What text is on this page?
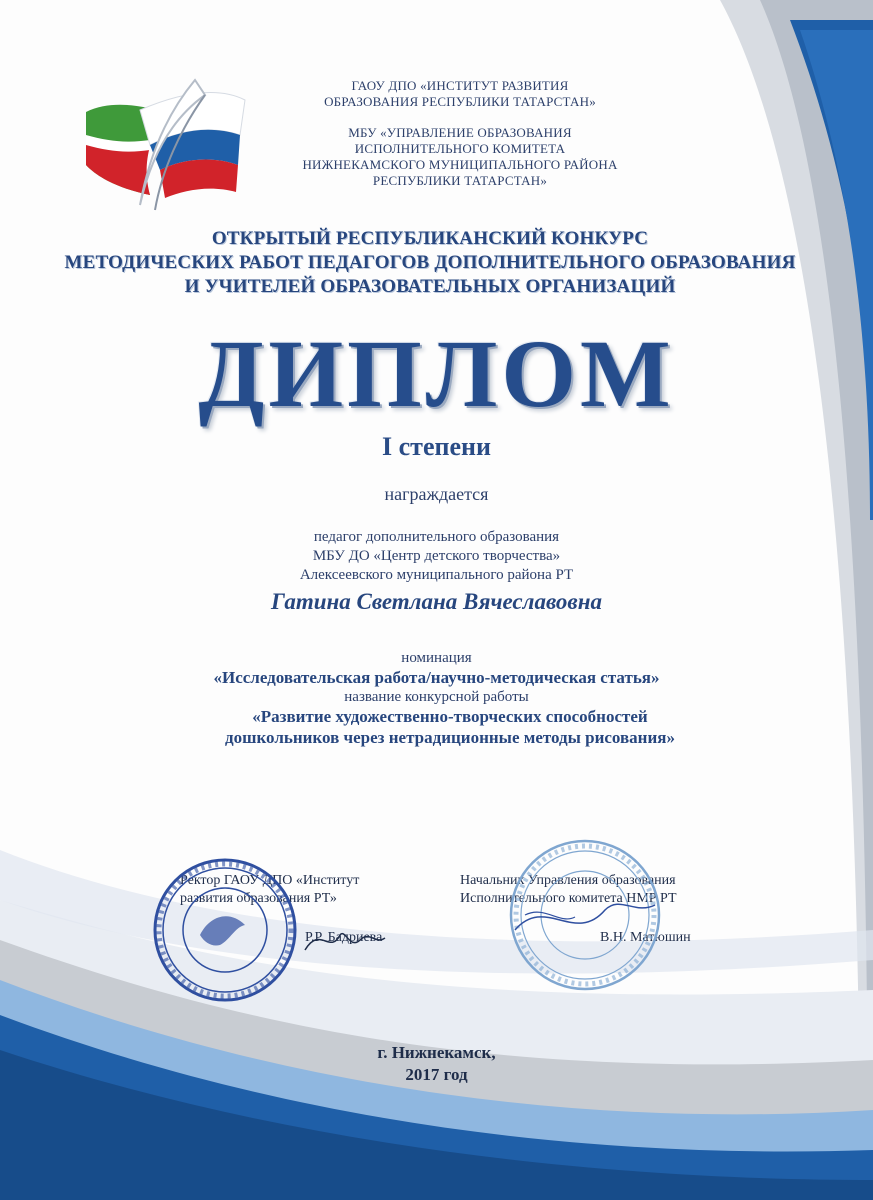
ГАОУ ДПО «ИНСТИТУТ РАЗВИТИЯ
ОБРАЗОВАНИЯ РЕСПУБЛИКИ ТАТАРСТАН»
МБУ «УПРАВЛЕНИЕ ОБРАЗОВАНИЯ
ИСПОЛНИТЕЛЬНОГО КОМИТЕТА
НИЖНЕКАМСКОГО МУНИЦИПАЛЬНОГО РАЙОНА
РЕСПУБЛИКИ ТАТАРСТАН»
ОТКРЫТЫЙ РЕСПУБЛИКАНСКИЙ КОНКУРС
МЕТОДИЧЕСКИХ РАБОТ ПЕДАГОГОВ ДОПОЛНИТЕЛЬНОГО ОБРАЗОВАНИЯ
И УЧИТЕЛЕЙ ОБРАЗОВАТЕЛЬНЫХ ОРГАНИЗАЦИЙ
ДИПЛОМ
I степени
награждается
педагог дополнительного образования
МБУ ДО «Центр детского творчества»
Алексеевского муниципального района РТ
Гатина Светлана Вячеславовна
номинация
«Исследовательская работа/научно-методическая статья»
название конкурсной работы
«Развитие художественно-творческих способностей
дошкольников через нетрадиционные методы рисования»
Ректор ГАОУ ДПО «Институт
развития образования РТ»
Р.Р. Бадриева
Начальник Управления образования
Исполнительного комитета НМР РТ
В.Н. Матюшин
г. Нижнекамск,
2017 год
